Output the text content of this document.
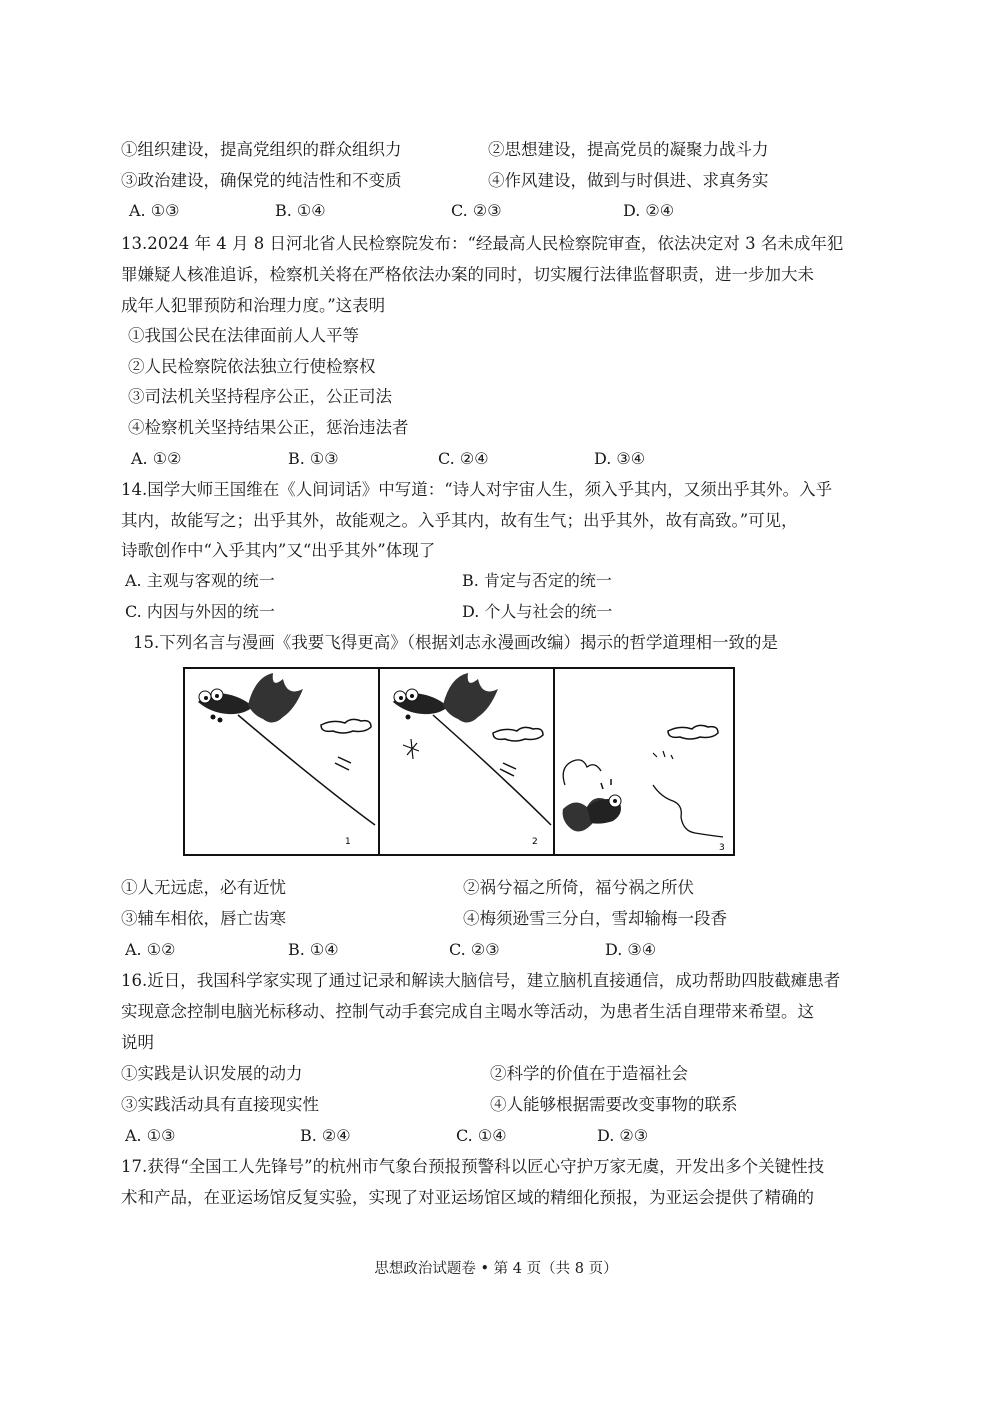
①组织建设，提高党组织的群众组织力	②思想建设，提高党员的凝聚力战斗力
③政治建设，确保党的纯洁性和不变质	④作风建设，做到与时俱进、求真务实
A. ①③	B. ①④	C. ②③	D. ②④
13.2024 年 4 月 8 日河北省人民检察院发布：“经最高人民检察院审查，依法决定对 3 名未成年犯
罪嫌疑人核准追诉，检察机关将在严格依法办案的同时，切实履行法律监督职责，进一步加大未
成年人犯罪预防和治理力度。”这表明
①我国公民在法律面前人人平等
②人民检察院依法独立行使检察权
③司法机关坚持程序公正，公正司法
④检察机关坚持结果公正，惩治违法者
A. ①②	B. ①③	C. ②④	D. ③④
14.国学大师王国维在《人间词话》中写道：“诗人对宇宙人生，须入乎其内，又须出乎其外。入乎
其内，故能写之；出乎其外，故能观之。入乎其内，故有生气；出乎其外，故有高致。”可见，
诗歌创作中“入乎其内”又“出乎其外”体现了
A. 主观与客观的统一	B. 肯定与否定的统一
C. 内因与外因的统一	D. 个人与社会的统一
15.下列名言与漫画《我要飞得更高》（根据刘志永漫画改编）揭示的哲学道理相一致的是
1	2
3
①人无远虑，必有近忧	②祸兮福之所倚，福兮祸之所伏
③辅车相依，唇亡齿寒	④梅须逊雪三分白，雪却输梅一段香
A. ①②	B. ①④	C. ②③	D. ③④
16.近日，我国科学家实现了通过记录和解读大脑信号，建立脑机直接通信，成功帮助四肢截瘫患者
实现意念控制电脑光标移动、控制气动手套完成自主喝水等活动，为患者生活自理带来希望。这
说明
①实践是认识发展的动力	②科学的价值在于造福社会
③实践活动具有直接现实性	④人能够根据需要改变事物的联系
A. ①③	B. ②④	C. ①④	D. ②③
17.获得“全国工人先锋号”的杭州市气象台预报预警科以匠心守护万家无虞，开发出多个关键性技
术和产品，在亚运场馆反复实验，实现了对亚运场馆区域的精细化预报，为亚运会提供了精确的
思想政治试题卷 • 第 4 页（共 8 页）
